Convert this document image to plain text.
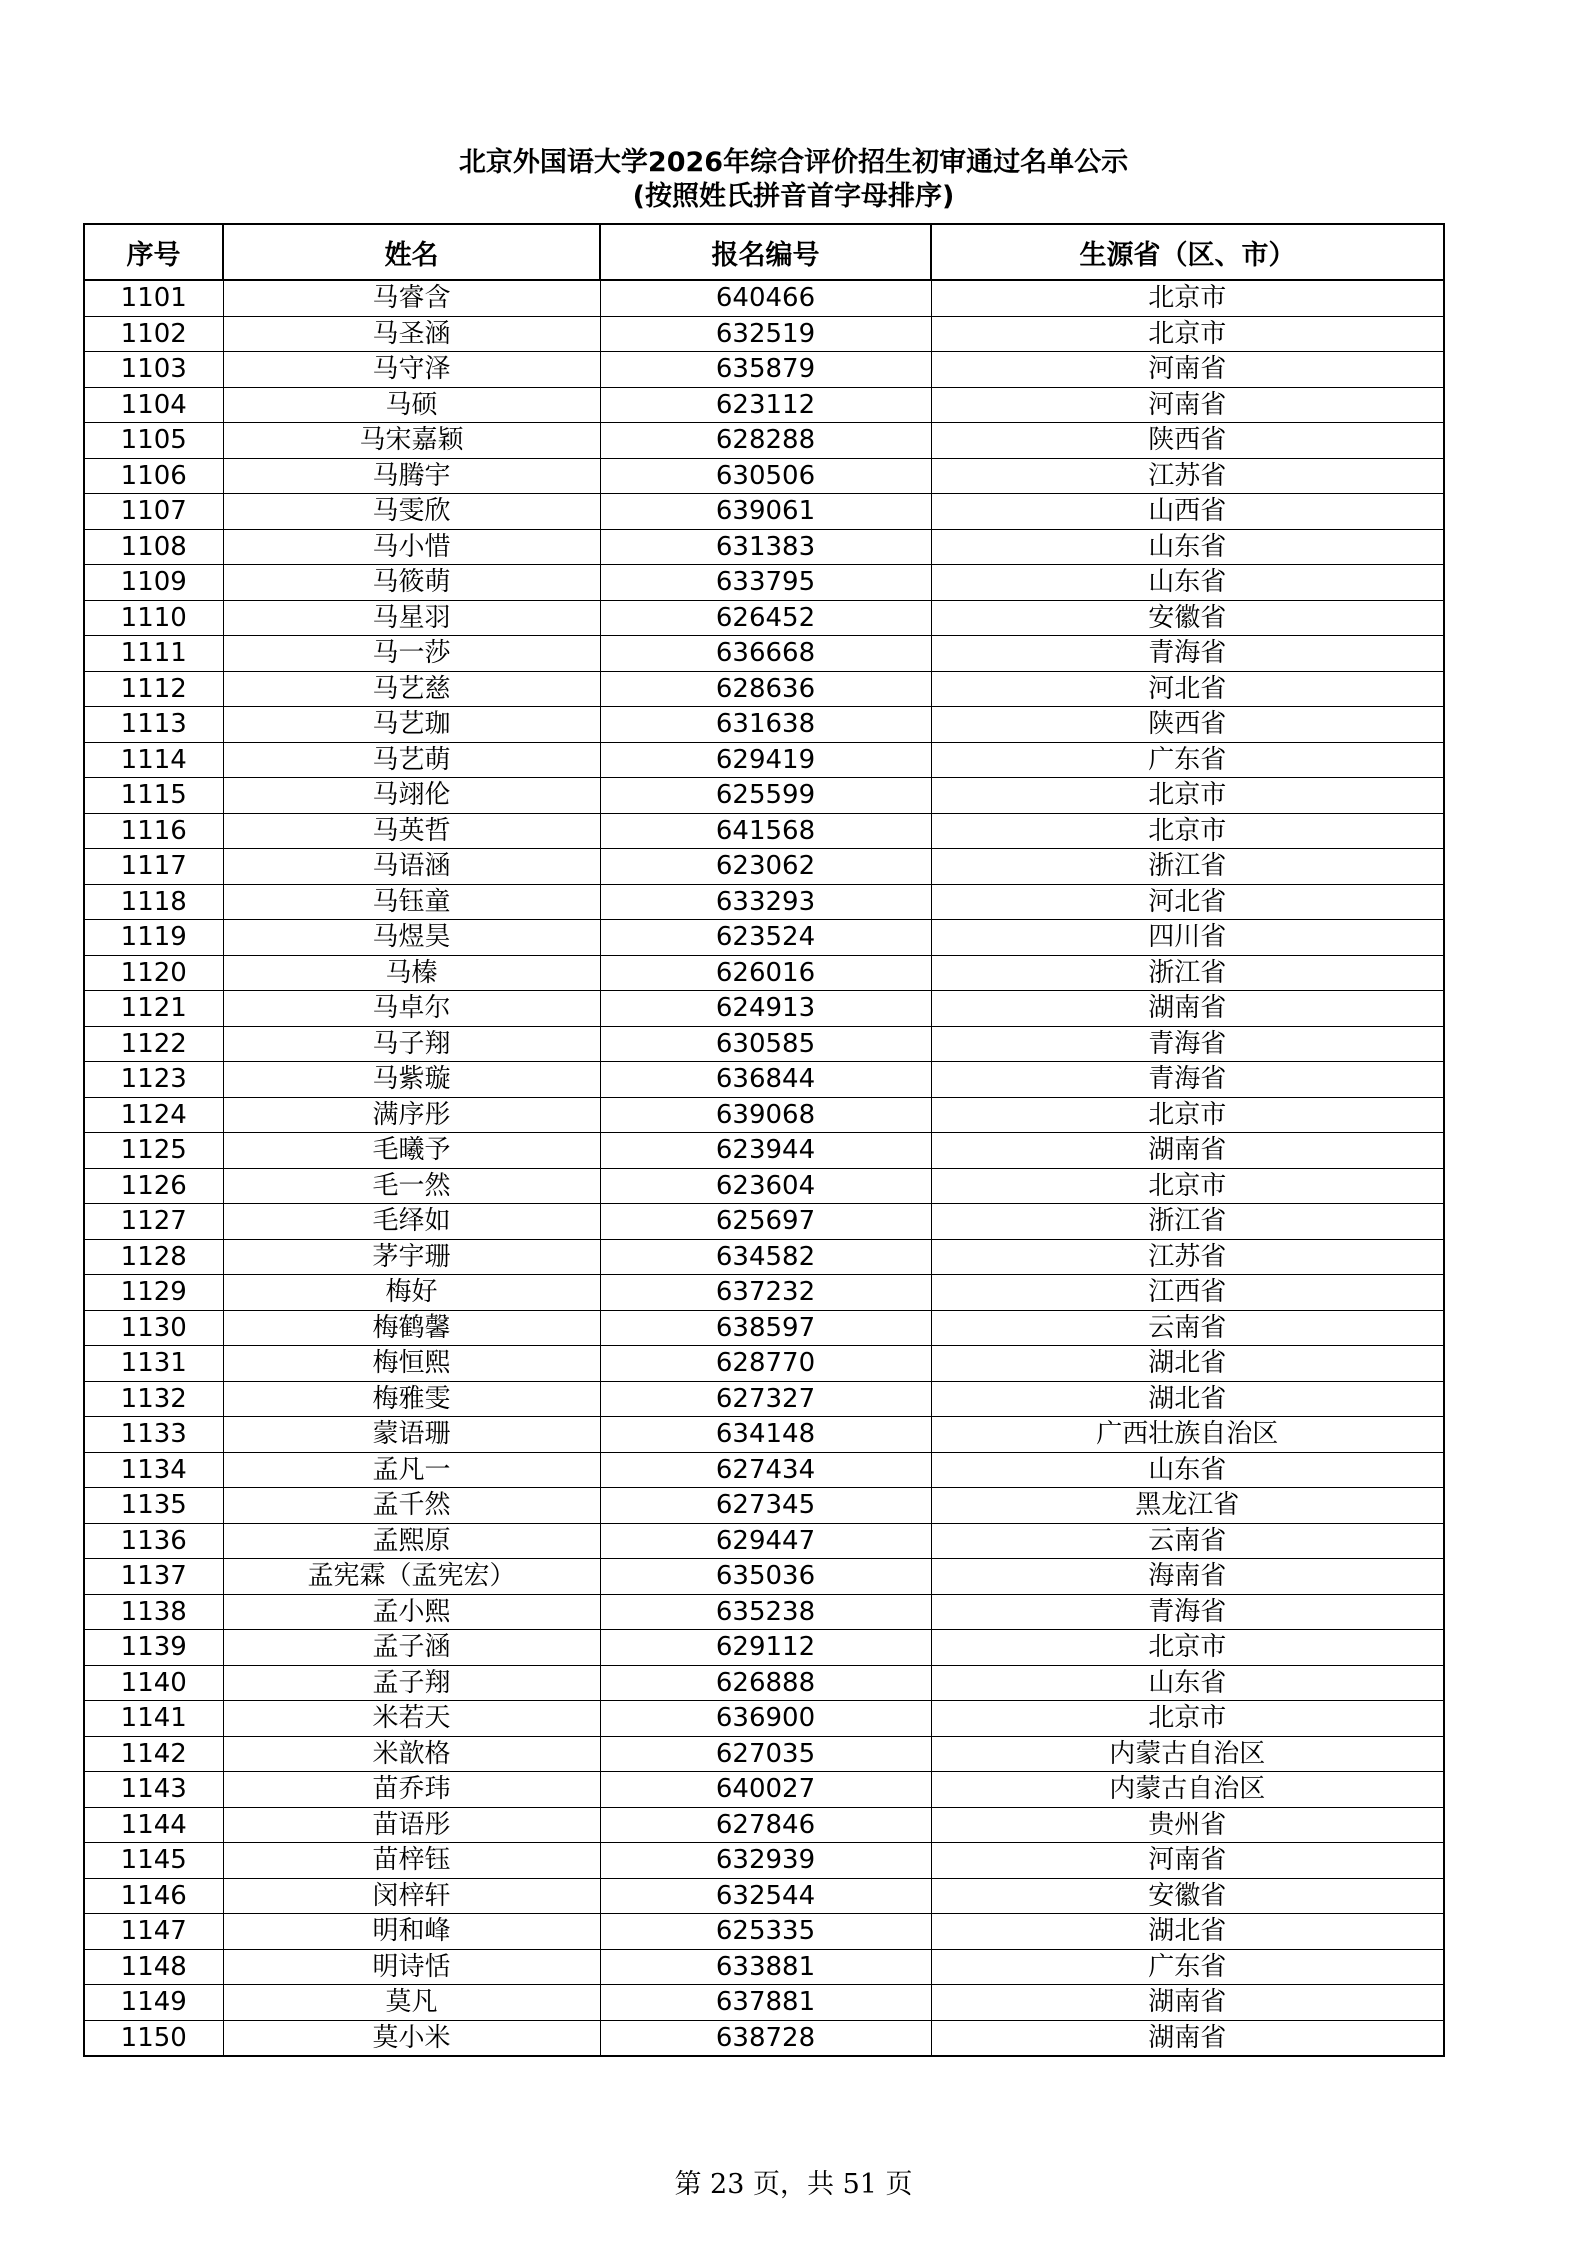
北京外国语大学2026年综合评价招生初审通过名单公示
(按照姓氏拼音首字母排序)
序号	姓名	报名编号	生源省（区、市）
1101	马睿含	640466	北京市
1102	马圣涵	632519	北京市
1103	马守泽	635879	河南省
1104	马硕	623112	河南省
1105	马宋嘉颖	628288	陕西省
1106	马腾宇	630506	江苏省
1107	马雯欣	639061	山西省
1108	马小惜	631383	山东省
1109	马筱萌	633795	山东省
1110	马星羽	626452	安徽省
1111	马一莎	636668	青海省
1112	马艺慈	628636	河北省
1113	马艺珈	631638	陕西省
1114	马艺萌	629419	广东省
1115	马翊伦	625599	北京市
1116	马英哲	641568	北京市
1117	马语涵	623062	浙江省
1118	马钰童	633293	河北省
1119	马煜昊	623524	四川省
1120	马榛	626016	浙江省
1121	马卓尔	624913	湖南省
1122	马子翔	630585	青海省
1123	马紫璇	636844	青海省
1124	满序彤	639068	北京市
1125	毛曦予	623944	湖南省
1126	毛一然	623604	北京市
1127	毛绎如	625697	浙江省
1128	茅宇珊	634582	江苏省
1129	梅好	637232	江西省
1130	梅鹤馨	638597	云南省
1131	梅恒熙	628770	湖北省
1132	梅雅雯	627327	湖北省
1133	蒙语珊	634148	广西壮族自治区
1134	孟凡一	627434	山东省
1135	孟千然	627345	黑龙江省
1136	孟熙原	629447	云南省
1137	孟宪霖（孟宪宏）	635036	海南省
1138	孟小熙	635238	青海省
1139	孟子涵	629112	北京市
1140	孟子翔	626888	山东省
1141	米若天	636900	北京市
1142	米歆格	627035	内蒙古自治区
1143	苗乔玮	640027	内蒙古自治区
1144	苗语彤	627846	贵州省
1145	苗梓钰	632939	河南省
1146	闵梓轩	632544	安徽省
1147	明和峰	625335	湖北省
1148	明诗恬	633881	广东省
1149	莫凡	637881	湖南省
1150	莫小米	638728	湖南省
第 23 页，共 51 页
